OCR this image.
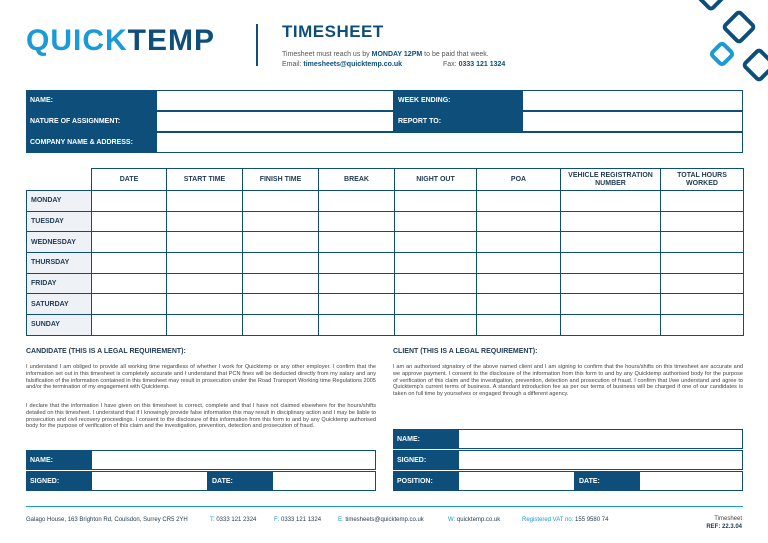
QUICKTEMP	TIMESHEET
Timesheet must reach us by MONDAY 12PM to be paid that week.
Email: timesheets@quicktemp.co.uk	Fax: 0333 121 1324
NAME:	WEEK ENDING:
NATURE OF ASSIGNMENT:	REPORT TO:
COMPANY NAME & ADDRESS:
	DATE	START TIME	FINISH TIME	BREAK	NIGHT OUT	POA	VEHICLE REGISTRATION NUMBER	TOTAL HOURS WORKED
MONDAY								
TUESDAY								
WEDNESDAY								
THURSDAY								
FRIDAY								
SATURDAY								
SUNDAY								
CANDIDATE (THIS IS A LEGAL REQUIREMENT):
I understand I am obliged to provide all working time regardless of whether I work for Quicktemp or any other employer. I confirm that the information set out in this timesheet is completely accurate and I understand that PCN fines will be deducted directly from my salary and any falsification of the information contained in this timesheet may result in prosecution under the Road Transport Working time Regulations 2005 and/or the termination of my engagement with Quicktemp.
I declare that the information I have given on this timesheet is correct, complete and that I have not claimed elsewhere for the hours/shifts detailed on this timesheet. I understand that if I knowingly provide false information this may result in disciplinary action and I may be liable to prosecution and civil recovery proceedings. I consent to the disclosure of this information from this form to and by any Quicktemp authorised body for the purpose of verification of this claim and the investigation, prevention, detection and prosecution of fraud.
NAME:
SIGNED:	DATE:
CLIENT (THIS IS A LEGAL REQUIREMENT):
I am an authorised signatory of the above named client and I am signing to confirm that the hours/shifts on this timesheet are accurate and we approve payment. I consent to the disclosure of the information from this form to and by any Quicktemp authorised body for the purpose of verification of this claim and the investigation, prevention, detection and prosecution of fraud. I confirm that I/we understand and agree to Quicktemp's current terms of business. A standard introduction fee as per our terms of business will be charged if one of our candidates is taken on full time by yourselves or engaged through a different agency.
NAME:
SIGNED:
POSITION:	DATE:
Galago House, 163 Brighton Rd, Coulsdon, Surrey CR5 2YH	T: 0333 121 2324	F: 0333 121 1324	E: timesheets@quicktemp.co.uk	W: quicktemp.co.uk	Registered VAT no: 155 9580 74	Timesheet
REF: 22.3.04
